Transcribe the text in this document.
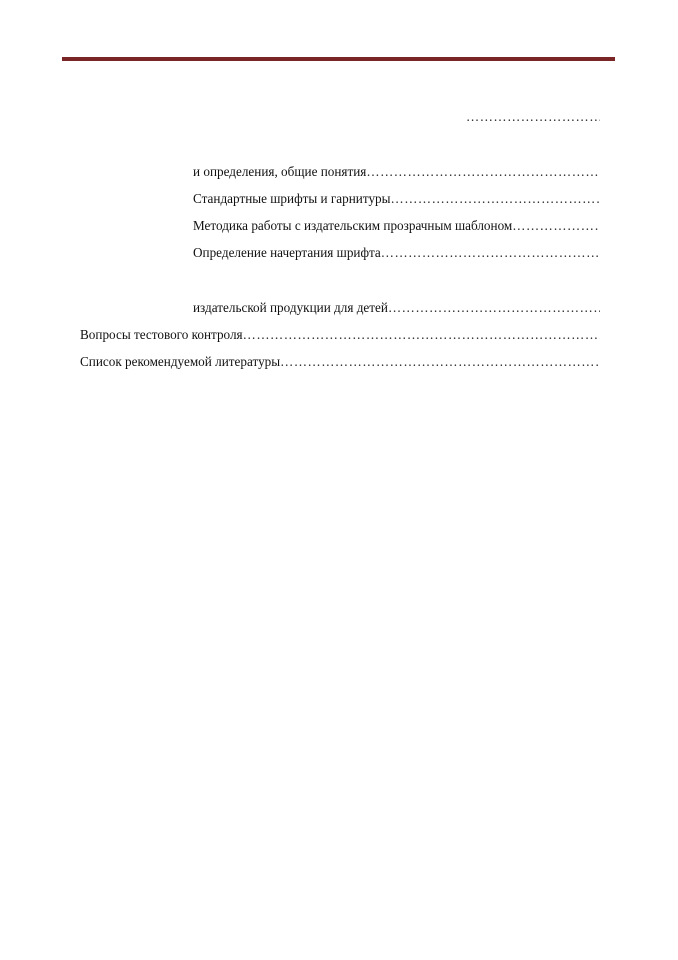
………………………………………………………………………………………………………………………………………………
и определения, общие понятия
………………………………………………………………………………………………………………………………………………
Стандартные шрифты и гарнитуры
………………………………………………………………………………………………………………………………………………
Методика работы с издательским прозрачным шаблоном
………………………………………………………………………………………………………………………………………………
Определение начертания шрифта
………………………………………………………………………………………………………………………………………………
издательской продукции для детей
………………………………………………………………………………………………………………………………………………
Вопросы тестового контроля
………………………………………………………………………………………………………………………………………………
Список рекомендуемой литературы
………………………………………………………………………………………………………………………………………………
